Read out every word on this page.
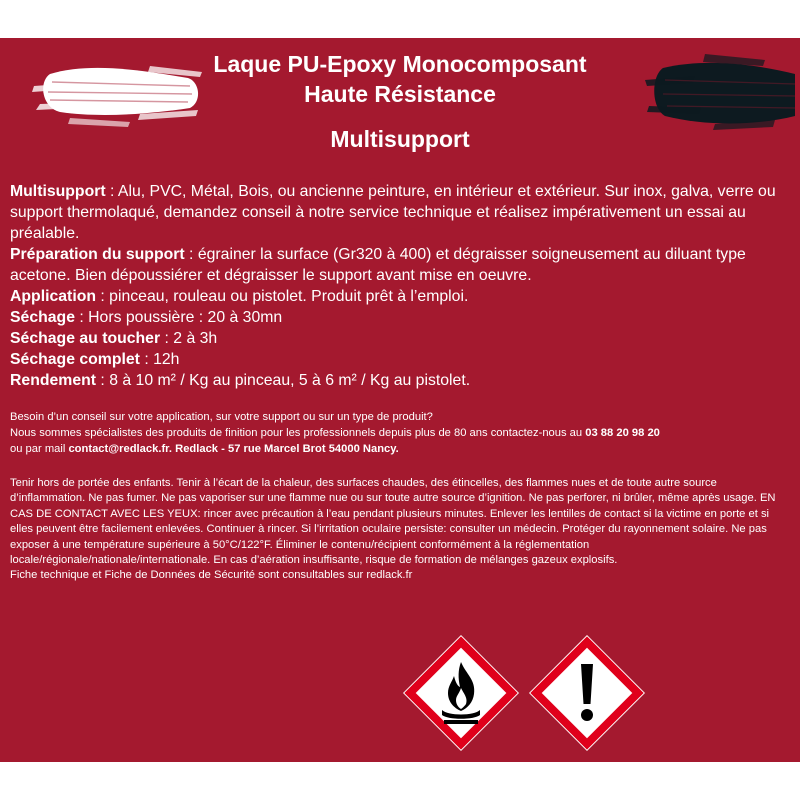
Laque PU-Epoxy Monocomposant
Haute Résistance
Multisupport

Multisupport : Alu, PVC, Métal, Bois, ou ancienne peinture, en intérieur et extérieur. Sur inox, galva, verre ou support thermolaqué, demandez conseil à notre service technique et réalisez impérativement un essai au préalable.

Préparation du support : égrainer la surface (Gr320 à 400) et dégraisser soigneusement au diluant type acetone. Bien dépoussiérer et dégraisser le support avant mise en oeuvre.

Application : pinceau, rouleau ou pistolet. Produit prêt à l’emploi.

Séchage : Hors poussière : 20 à 30mn

Séchage au toucher : 2 à 3h

Séchage complet : 12h

Rendement : 8 à 10 m² / Kg au pinceau, 5 à 6 m² / Kg au pistolet.

Besoin d’un conseil sur votre application, sur votre support ou sur un type de produit?

Nous sommes spécialistes des produits de finition pour les professionnels depuis plus de 80 ans contactez-nous au 03 88 20 98 20

ou par mail contact@redlack.fr. Redlack - 57 rue Marcel Brot 54000 Nancy.

Tenir hors de portée des enfants. Tenir à l’écart de la chaleur, des surfaces chaudes, des étincelles, des flammes nues et de toute autre source d’inflammation. Ne pas fumer. Ne pas vaporiser sur une flamme nue ou sur toute autre source d’ignition. Ne pas perforer, ni brûler, même après usage. EN CAS DE CONTACT AVEC LES YEUX: rincer avec précaution à l’eau pendant plusieurs minutes. Enlever les lentilles de contact si la victime en porte et si elles peuvent être facilement enlevées. Continuer à rincer. Si l’irritation oculaire persiste: consulter un médecin. Protéger du rayonnement solaire. Ne pas exposer à une température supérieure à 50°C/122°F. Éliminer le contenu/récipient conformément à la réglementation locale/régionale/nationale/internationale. En cas d’aération insuffisante, risque de formation de mélanges gazeux explosifs.

Fiche technique et Fiche de Données de Sécurité sont consultables sur redlack.fr
